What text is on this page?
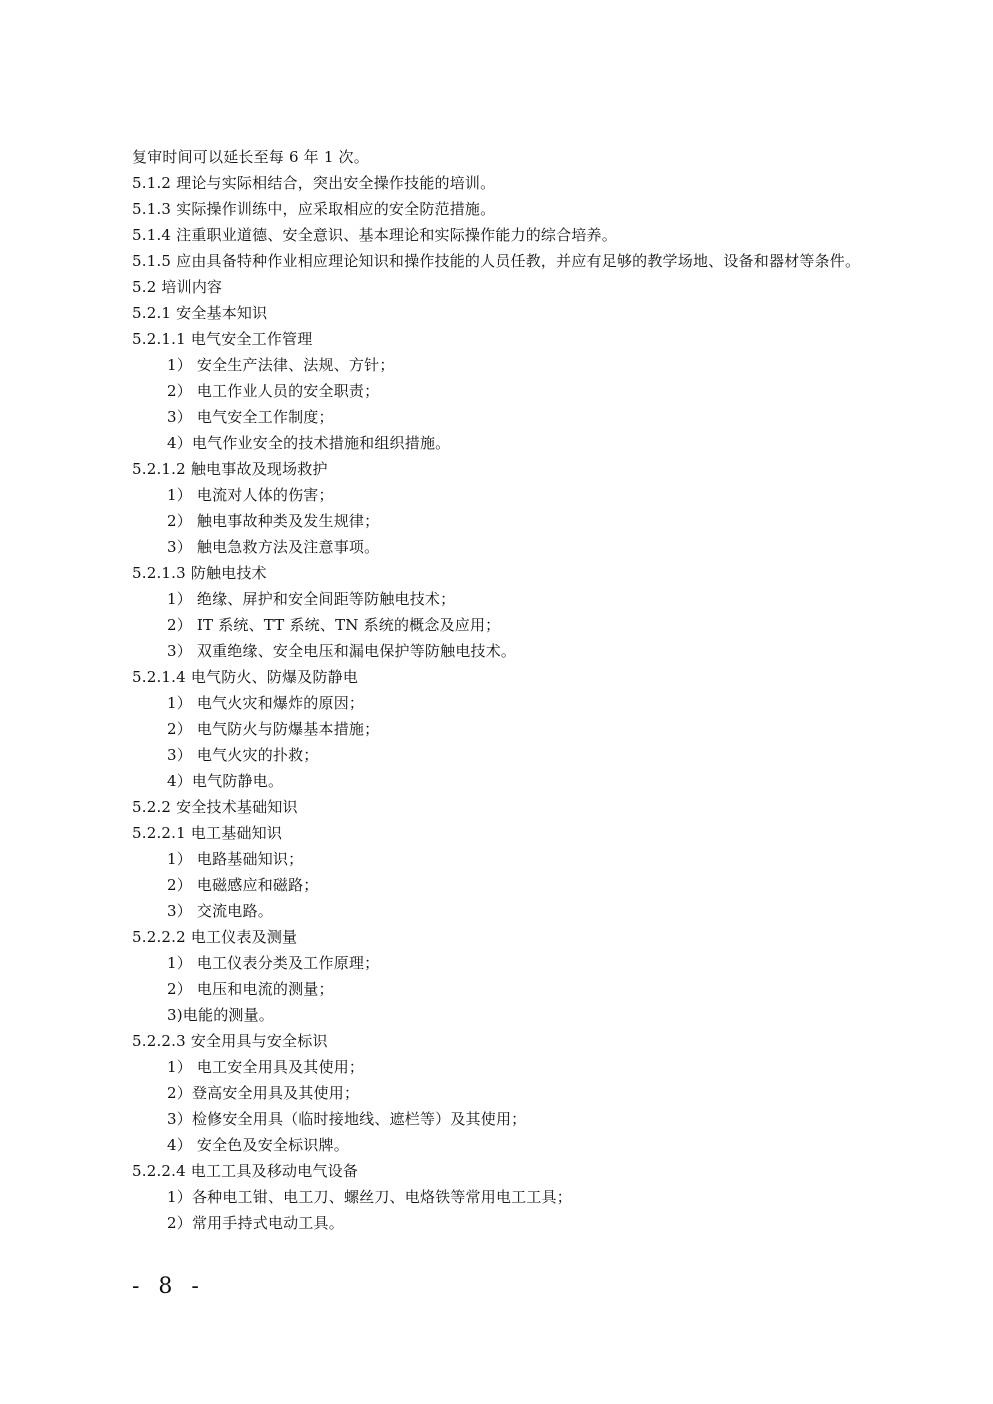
复审时间可以延长至每 6 年 1 次。
5.1.2 理论与实际相结合，突出安全操作技能的培训。
5.1.3 实际操作训练中，应采取相应的安全防范措施。
5.1.4 注重职业道德、安全意识、基本理论和实际操作能力的综合培养。
5.1.5 应由具备特种作业相应理论知识和操作技能的人员任教，并应有足够的教学场地、设备和器材等条件。
5.2 培训内容
5.2.1 安全基本知识
5.2.1.1 电气安全工作管理
1） 安全生产法律、法规、方针；
2） 电工作业人员的安全职责；
3） 电气安全工作制度；
4）电气作业安全的技术措施和组织措施。
5.2.1.2 触电事故及现场救护
1） 电流对人体的伤害；
2） 触电事故种类及发生规律；
3） 触电急救方法及注意事项。
5.2.1.3 防触电技术
1） 绝缘、屏护和安全间距等防触电技术；
2） IT 系统、TT 系统、TN 系统的概念及应用；
3） 双重绝缘、安全电压和漏电保护等防触电技术。
5.2.1.4 电气防火、防爆及防静电
1） 电气火灾和爆炸的原因；
2） 电气防火与防爆基本措施；
3） 电气火灾的扑救；
4）电气防静电。
5.2.2 安全技术基础知识
5.2.2.1 电工基础知识
1） 电路基础知识；
2） 电磁感应和磁路；
3） 交流电路。
5.2.2.2 电工仪表及测量
1） 电工仪表分类及工作原理；
2） 电压和电流的测量；
3)电能的测量。
5.2.2.3 安全用具与安全标识
1） 电工安全用具及其使用；
2）登高安全用具及其使用；
3）检修安全用具（临时接地线、遮栏等）及其使用；
4） 安全色及安全标识牌。
5.2.2.4 电工工具及移动电气设备
1）各种电工钳、电工刀、螺丝刀、电烙铁等常用电工工具；
2）常用手持式电动工具。
- 8 -
